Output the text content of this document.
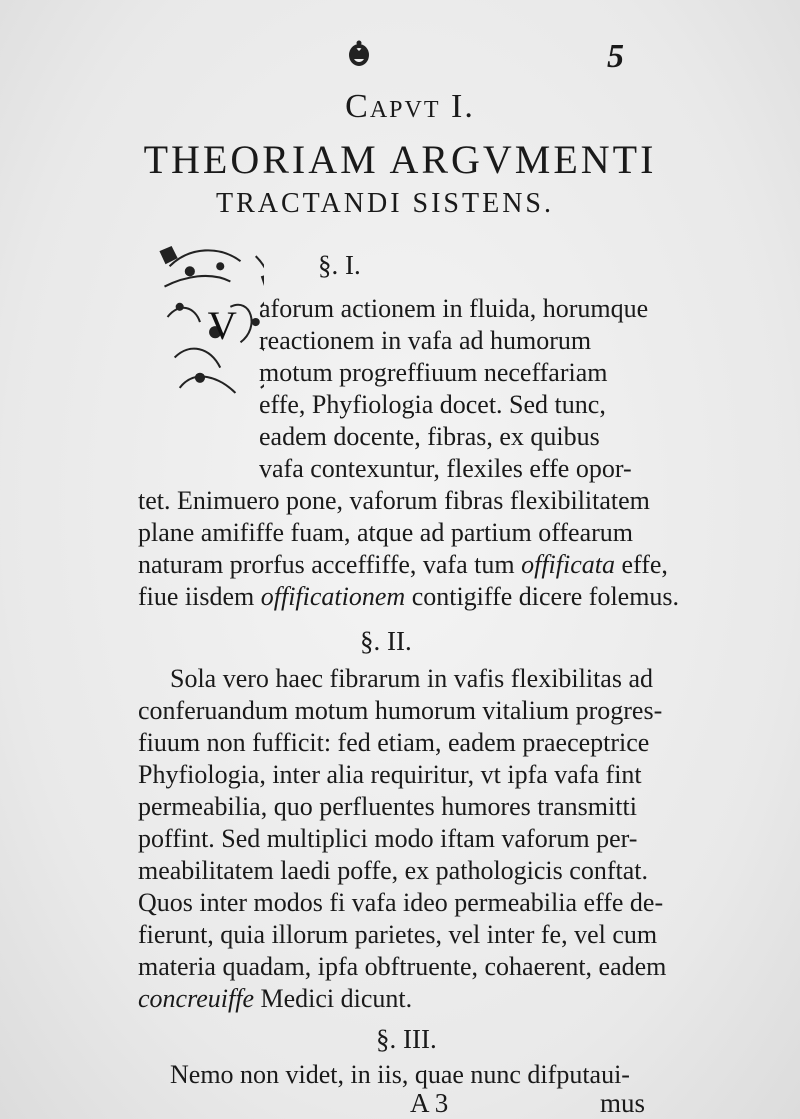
5
Capvt I.
THEORIAM ARGVMENTI
TRACTANDI SISTENS.
§. I.
V aforum actionem in fluida, horumque
reactionem in vafa ad humorum
motum progreffiuum neceffariam
effe, Phyfiologia docet. Sed tunc,
eadem docente, fibras, ex quibus
vafa contexuntur, flexiles effe opor-
tet. Enimuero pone, vaforum fibras flexibilitatem
plane amififfe fuam, atque ad partium offearum
naturam prorfus acceffiffe, vafa tum offificata effe,
fiue iisdem offificationem contigiffe dicere folemus.
§. II.
Sola vero haec fibrarum in vafis flexibilitas ad
conferuandum motum humorum vitalium progres-
fiuum non fufficit: fed etiam, eadem praeceptrice
Phyfiologia, inter alia requiritur, vt ipfa vafa fint
permeabilia, quo perfluentes humores transmitti
poffint. Sed multiplici modo iftam vaforum per-
meabilitatem laedi poffe, ex pathologicis conftat.
Quos inter modos fi vafa ideo permeabilia effe de-
fierunt, quia illorum parietes, vel inter fe, vel cum
materia quadam, ipfa obftruente, cohaerent, eadem
concreuiffe Medici dicunt.
§. III.
Nemo non videt, in iis, quae nunc difputaui-
A 3	mus
